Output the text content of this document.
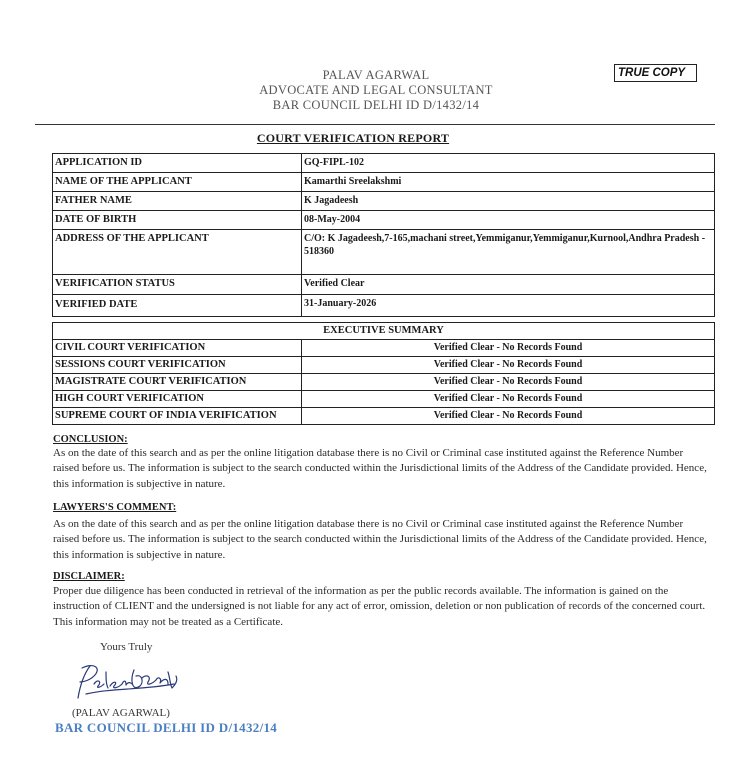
PALAV AGARWAL
ADVOCATE AND LEGAL CONSULTANT
BAR COUNCIL DELHI ID D/1432/14
TRUE COPY
COURT VERIFICATION REPORT
APPLICATION ID	GQ-FIPL-102
NAME OF THE APPLICANT	Kamarthi Sreelakshmi
FATHER NAME	K Jagadeesh
DATE OF BIRTH	08-May-2004
ADDRESS OF THE APPLICANT	C/O: K Jagadeesh,7-165,machani street,Yemmiganur,Yemmiganur,Kurnool,Andhra Pradesh - 518360
VERIFICATION STATUS	Verified Clear
VERIFIED DATE	31-January-2026
EXECUTIVE SUMMARY	
CIVIL COURT VERIFICATION	Verified Clear - No Records Found
SESSIONS COURT VERIFICATION	Verified Clear - No Records Found
MAGISTRATE COURT VERIFICATION	Verified Clear - No Records Found
HIGH COURT VERIFICATION	Verified Clear - No Records Found
SUPREME COURT OF INDIA VERIFICATION	Verified Clear - No Records Found
CONCLUSION:
As on the date of this search and as per the online litigation database there is no Civil or Criminal case instituted against the Reference Number raised before us. The information is subject to the search conducted within the Jurisdictional limits of the Address of the Candidate provided. Hence, this information is subjective in nature.
LAWYERS'S COMMENT:
As on the date of this search and as per the online litigation database there is no Civil or Criminal case instituted against the Reference Number raised before us. The information is subject to the search conducted within the Jurisdictional limits of the Address of the Candidate provided. Hence, this information is subjective in nature.
DISCLAIMER:
Proper due diligence has been conducted in retrieval of the information as per the public records available. The information is gained on the instruction of CLIENT and the undersigned is not liable for any act of error, omission, deletion or non publication of records of the concerned court. This information may not be treated as a Certificate.
Yours Truly
(PALAV AGARWAL)
BAR COUNCIL DELHI ID D/1432/14
